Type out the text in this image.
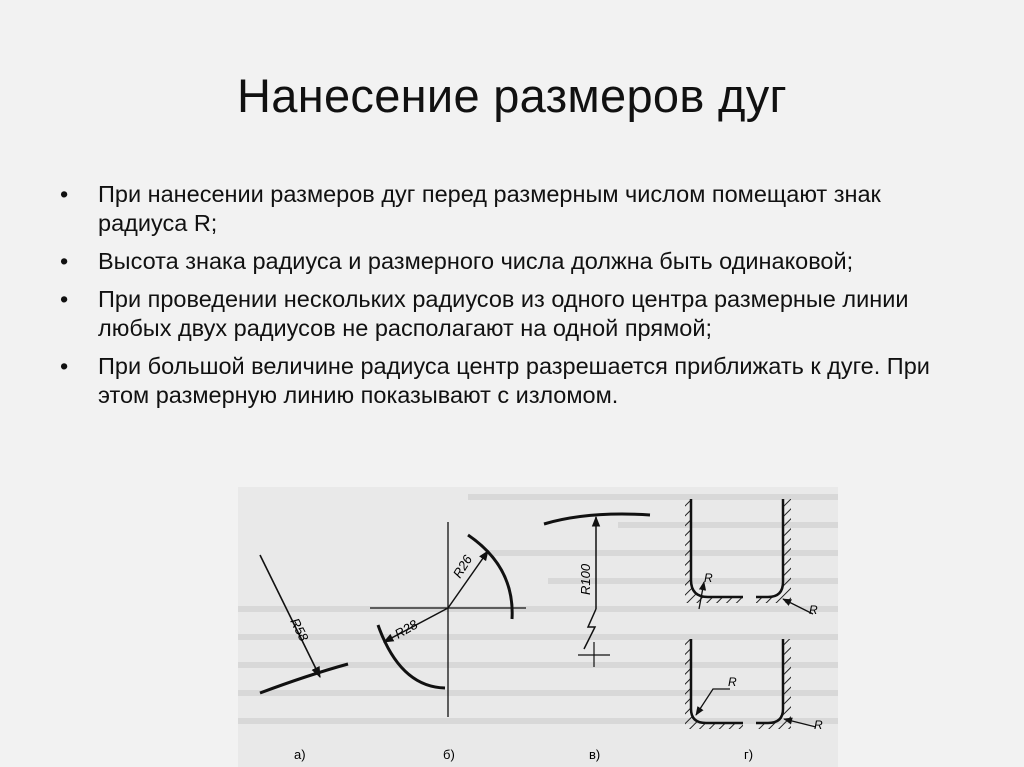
Нанесение размеров дуг
• При нанесении размеров дуг перед размерным числом помещают знак радиуса R;
• Высота знака радиуса и размерного числа должна быть одинаковой;
• При проведении нескольких радиусов из одного центра размерные линии любых двух радиусов не располагают на одной прямой;
• При большой величине радиуса центр разрешается приближать к дуге. При этом размерную линию показывают с изломом.
R58
R26
R28
R100	R
R
R
R
а)	б)	в)	г)
